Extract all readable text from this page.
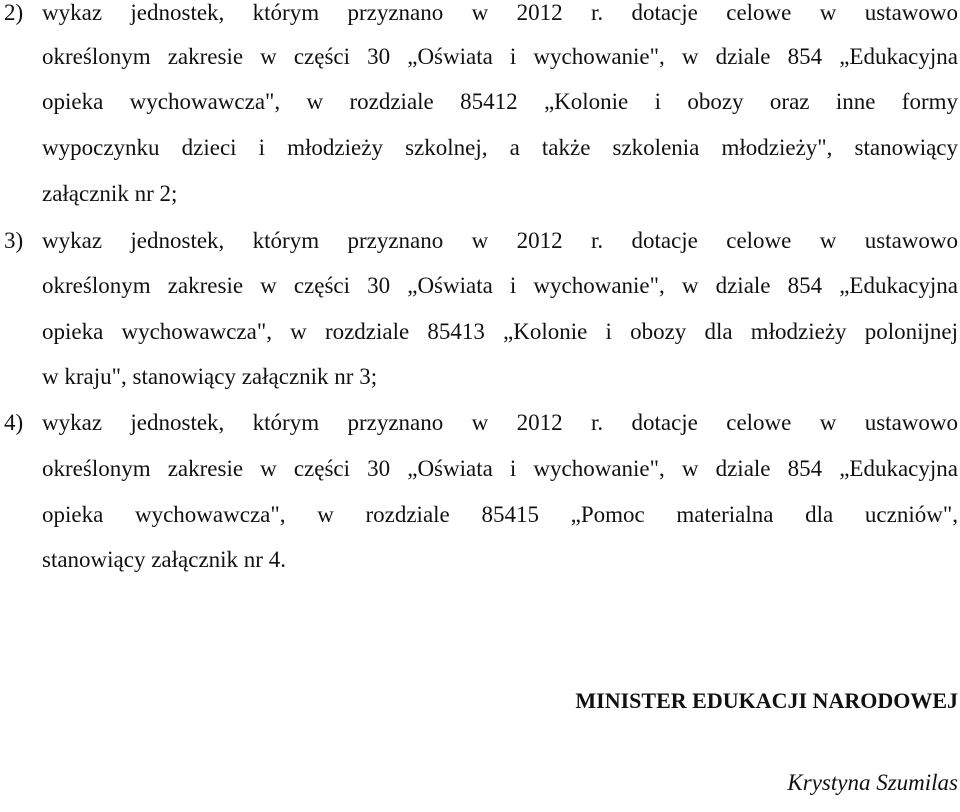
2) wykaz jednostek, którym przyznano w 2012 r. dotacje celowe w ustawowo
określonym zakresie w części 30 „Oświata i wychowanie", w dziale 854 „Edukacyjna
opieka wychowawcza", w rozdziale 85412 „Kolonie i obozy oraz inne formy
wypoczynku dzieci i młodzieży szkolnej, a także szkolenia młodzieży", stanowiący
załącznik nr 2;
3) wykaz jednostek, którym przyznano w 2012 r. dotacje celowe w ustawowo
określonym zakresie w części 30 „Oświata i wychowanie", w dziale 854 „Edukacyjna
opieka wychowawcza", w rozdziale 85413 „Kolonie i obozy dla młodzieży polonijnej
w kraju", stanowiący załącznik nr 3;
4) wykaz jednostek, którym przyznano w 2012 r. dotacje celowe w ustawowo
określonym zakresie w części 30 „Oświata i wychowanie", w dziale 854 „Edukacyjna
opieka wychowawcza", w rozdziale 85415 „Pomoc materialna dla uczniów",
stanowiący załącznik nr 4.
MINISTER EDUKACJI NARODOWEJ
Krystyna Szumilas
